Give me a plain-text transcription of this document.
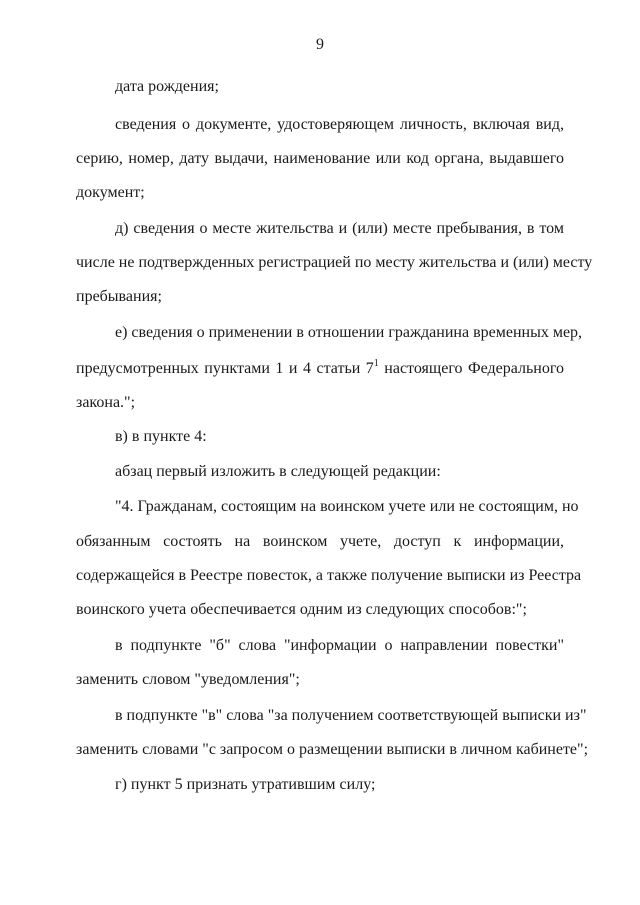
9
дата рождения;
сведения о документе, удостоверяющем личность, включая вид,
серию, номер, дату выдачи, наименование или код органа, выдавшего
документ;
д) сведения о месте жительства и (или) месте пребывания, в том
числе не подтвержденных регистрацией по месту жительства и (или) месту
пребывания;
е) сведения о применении в отношении гражданина временных мер,
предусмотренных пунктами 1 и 4 статьи $7^1$ настоящего Федерального
закона.";
в) в пункте 4:
абзац первый изложить в следующей редакции:
"4. Гражданам, состоящим на воинском учете или не состоящим, но
обязанным состоять на воинском учете, доступ к информации,
содержащейся в Реестре повесток, а также получение выписки из Реестра
воинского учета обеспечивается одним из следующих способов:";
в подпункте "б" слова "информации о направлении повестки"
заменить словом "уведомления";
в подпункте "в" слова "за получением соответствующей выписки из"
заменить словами "с запросом о размещении выписки в личном кабинете";
г) пункт 5 признать утратившим силу;
